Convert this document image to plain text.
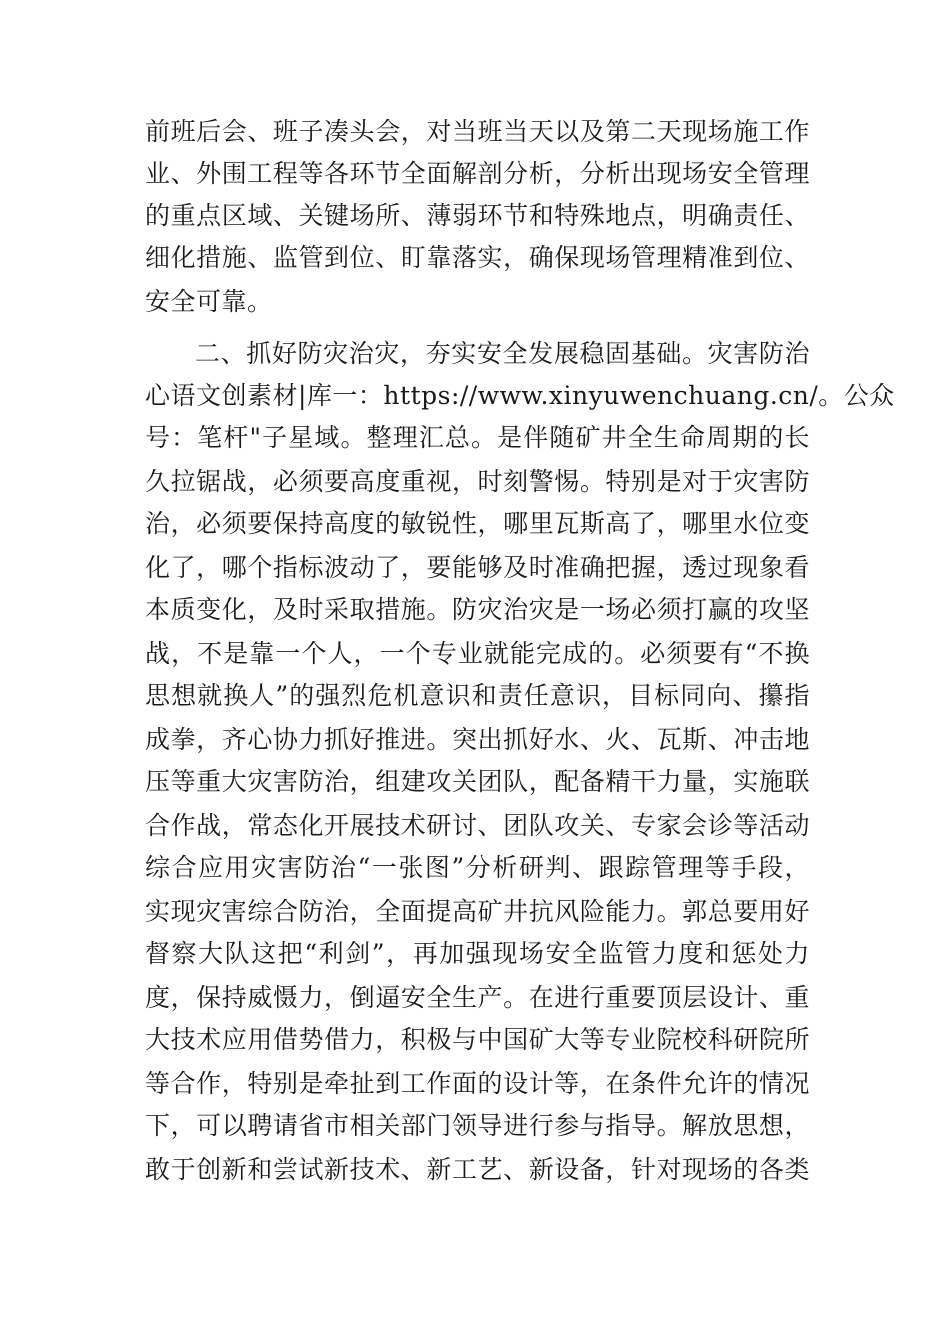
前班后会、班子凑头会，对当班当天以及第二天现场施工作
业、外围工程等各环节全面解剖分析，分析出现场安全管理
的重点区域、关键场所、薄弱环节和特殊地点，明确责任、
细化措施、监管到位、盯靠落实，确保现场管理精准到位、
安全可靠。
二、抓好防灾治灾，夯实安全发展稳固基础。灾害防治
心语文创素材|库一：https://www.xinyuwenchuang.cn/。公众
号：笔杆"子星域。整理汇总。是伴随矿井全生命周期的长
久拉锯战，必须要高度重视，时刻警惕。特别是对于灾害防
治，必须要保持高度的敏锐性，哪里瓦斯高了，哪里水位变
化了，哪个指标波动了，要能够及时准确把握，透过现象看
本质变化，及时采取措施。防灾治灾是一场必须打赢的攻坚
战，不是靠一个人，一个专业就能完成的。必须要有“不换
思想就换人”的强烈危机意识和责任意识，目标同向、攥指
成拳，齐心协力抓好推进。突出抓好水、火、瓦斯、冲击地
压等重大灾害防治，组建攻关团队，配备精干力量，实施联
合作战，常态化开展技术研讨、团队攻关、专家会诊等活动
综合应用灾害防治“一张图”分析研判、跟踪管理等手段，
实现灾害综合防治，全面提高矿井抗风险能力。郭总要用好
督察大队这把“利剑”，再加强现场安全监管力度和惩处力
度，保持威慑力，倒逼安全生产。在进行重要顶层设计、重
大技术应用借势借力，积极与中国矿大等专业院校科研院所
等合作，特别是牵扯到工作面的设计等，在条件允许的情况
下，可以聘请省市相关部门领导进行参与指导。解放思想，
敢于创新和尝试新技术、新工艺、新设备，针对现场的各类
